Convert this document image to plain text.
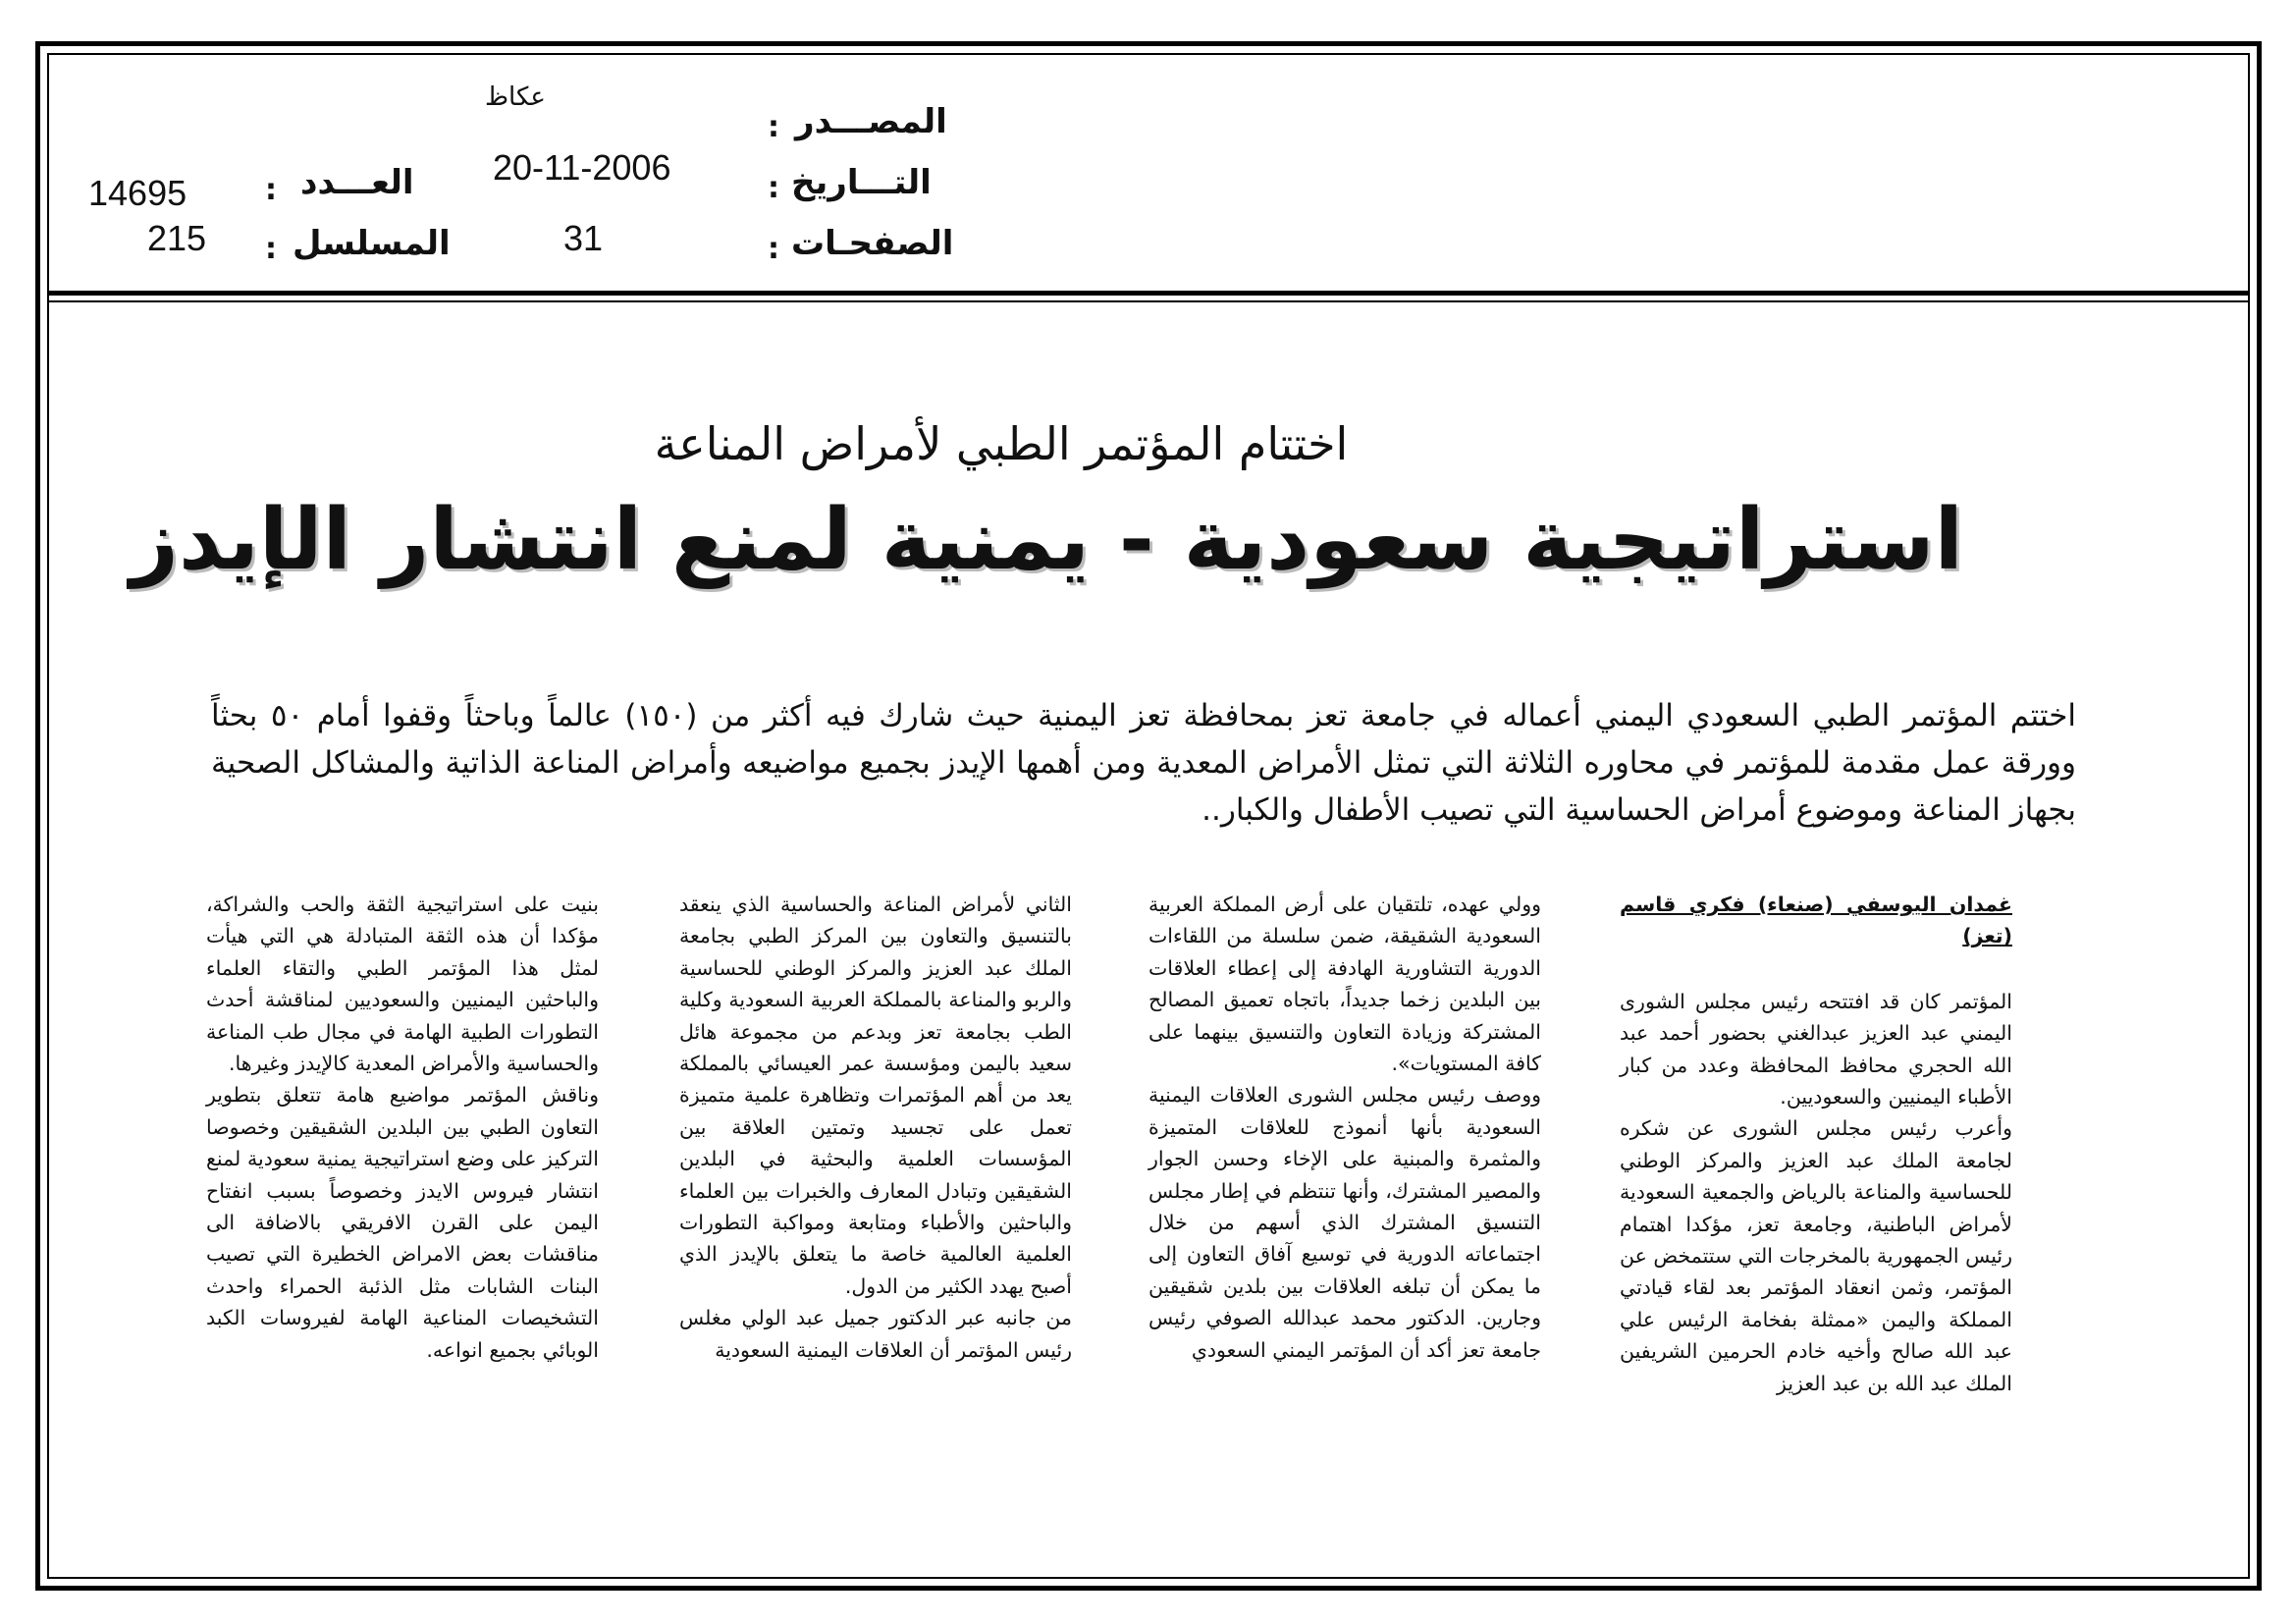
المصـــدر
:
عكاظ
التـــاريخ
:
20-11-2006
الصفحـات
:
31
العـــدد
:
14695
المسلسل
:
215
اختتام المؤتمر الطبي لأمراض المناعة
استراتيجية سعودية - يمنية لمنع انتشار الإيدز
اختتم المؤتمر الطبي السعودي اليمني أعماله في جامعة تعز بمحافظة تعز اليمنية حيث شارك فيه أكثر من (١٥٠) عالماً وباحثاً وقفوا أمام ٥٠ بحثاً وورقة عمل مقدمة للمؤتمر في محاوره الثلاثة التي تمثل الأمراض المعدية ومن أهمها الإيدز بجميع مواضيعه وأمراض المناعة الذاتية والمشاكل الصحية بجهاز المناعة وموضوع أمراض الحساسية التي تصيب الأطفال والكبار..

غمدان اليوسفي (صنعاء) فكري قاسم (تعز)

المؤتمر كان قد افتتحه رئيس مجلس الشورى اليمني عبد العزيز عبدالغني بحضور أحمد عبد الله الحجري محافظ المحافظة وعدد من كبار الأطباء اليمنيين والسعوديين.

وأعرب رئيس مجلس الشورى عن شكره لجامعة الملك عبد العزيز والمركز الوطني للحساسية والمناعة بالرياض والجمعية السعودية لأمراض الباطنية، وجامعة تعز، مؤكدا اهتمام رئيس الجمهورية بالمخرجات التي ستتمخض عن المؤتمر، وثمن انعقاد المؤتمر بعد لقاء قيادتي المملكة واليمن «ممثلة بفخامة الرئيس علي عبد الله صالح وأخيه خادم الحرمين الشريفين الملك عبد الله بن عبد العزيز

وولي عهده، تلتقيان على أرض المملكة العربية السعودية الشقيقة، ضمن سلسلة من اللقاءات الدورية التشاورية الهادفة إلى إعطاء العلاقات بين البلدين زخما جديداً، باتجاه تعميق المصالح المشتركة وزيادة التعاون والتنسيق بينهما على كافة المستويات».

ووصف رئيس مجلس الشورى العلاقات اليمنية السعودية بأنها أنموذج للعلاقات المتميزة والمثمرة والمبنية على الإخاء وحسن الجوار والمصير المشترك، وأنها تنتظم في إطار مجلس التنسيق المشترك الذي أسهم من خلال اجتماعاته الدورية في توسيع آفاق التعاون إلى ما يمكن أن تبلغه العلاقات بين بلدين شقيقين وجارين. الدكتور محمد عبدالله الصوفي رئيس جامعة تعز أكد أن المؤتمر اليمني السعودي

الثاني لأمراض المناعة والحساسية الذي ينعقد بالتنسيق والتعاون بين المركز الطبي بجامعة الملك عبد العزيز والمركز الوطني للحساسية والربو والمناعة بالمملكة العربية السعودية وكلية الطب بجامعة تعز وبدعم من مجموعة هائل سعيد باليمن ومؤسسة عمر العيسائي بالمملكة يعد من أهم المؤتمرات وتظاهرة علمية متميزة تعمل على تجسيد وتمتين العلاقة بين المؤسسات العلمية والبحثية في البلدين الشقيقين وتبادل المعارف والخبرات بين العلماء والباحثين والأطباء ومتابعة ومواكبة التطورات العلمية العالمية خاصة ما يتعلق بالإيدز الذي أصبح يهدد الكثير من الدول.

من جانبه عبر الدكتور جميل عبد الولي مغلس رئيس المؤتمر أن العلاقات اليمنية السعودية

بنيت على استراتيجية الثقة والحب والشراكة، مؤكدا أن هذه الثقة المتبادلة هي التي هيأت لمثل هذا المؤتمر الطبي والتقاء العلماء والباحثين اليمنيين والسعوديين لمناقشة أحدث التطورات الطبية الهامة في مجال طب المناعة والحساسية والأمراض المعدية كالإيدز وغيرها.

وناقش المؤتمر مواضيع هامة تتعلق بتطوير التعاون الطبي بين البلدين الشقيقين وخصوصا التركيز على وضع استراتيجية يمنية سعودية لمنع انتشار فيروس الايدز وخصوصاً بسبب انفتاح اليمن على القرن الافريقي بالاضافة الى مناقشات بعض الامراض الخطيرة التي تصيب البنات الشابات مثل الذئبة الحمراء واحدث التشخيصات المناعية الهامة لفيروسات الكبد الوبائي بجميع انواعه.
